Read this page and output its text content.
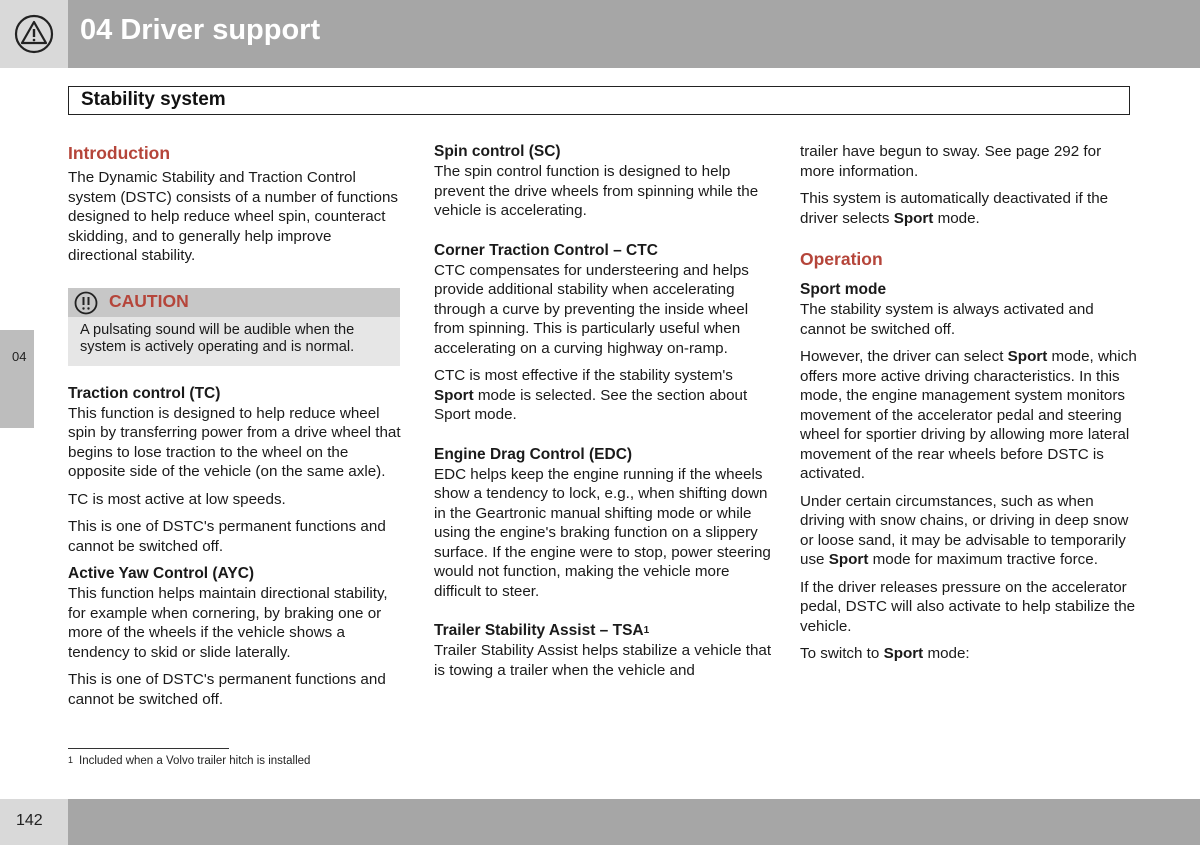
04 Driver support
Stability system
04
Introduction

The Dynamic Stability and Traction Control system (DSTC) consists of a number of functions designed to help reduce wheel spin, counteract skidding, and to generally help improve directional stability.

CAUTION
A pulsating sound will be audible when the system is actively operating and is normal.
Traction control (TC)

This function is designed to help reduce wheel spin by transferring power from a drive wheel that begins to lose traction to the wheel on the opposite side of the vehicle (on the same axle).

TC is most active at low speeds.

This is one of DSTC's permanent functions and cannot be switched off.

Active Yaw Control (AYC)

This function helps maintain directional stability, for example when cornering, by braking one or more of the wheels if the vehicle shows a tendency to skid or slide laterally.

This is one of DSTC's permanent functions and cannot be switched off.

Spin control (SC)

The spin control function is designed to help prevent the drive wheels from spinning while the vehicle is accelerating.

Corner Traction Control – CTC

CTC compensates for understeering and helps provide additional stability when accelerating through a curve by preventing the inside wheel from spinning. This is particularly useful when accelerating on a curving highway on-ramp.

CTC is most effective if the stability system's Sport mode is selected. See the section about Sport mode.

Engine Drag Control (EDC)

EDC helps keep the engine running if the wheels show a tendency to lock, e.g., when shifting down in the Geartronic manual shifting mode or while using the engine's braking function on a slippery surface. If the engine were to stop, power steering would not function, making the vehicle more difficult to steer.

Trailer Stability Assist – TSA$^1$

Trailer Stability Assist helps stabilize a vehicle that is towing a trailer when the vehicle and

trailer have begun to sway. See page 292 for more information.

This system is automatically deactivated if the driver selects Sport mode.

Operation
Sport mode

The stability system is always activated and cannot be switched off.

However, the driver can select Sport mode, which offers more active driving characteristics. In this mode, the engine management system monitors movement of the accelerator pedal and steering wheel for sportier driving by allowing more lateral movement of the rear wheels before DSTC is activated.

Under certain circumstances, such as when driving with snow chains, or driving in deep snow or loose sand, it may be advisable to temporarily use Sport mode for maximum tractive force.

If the driver releases pressure on the accelerator pedal, DSTC will also activate to help stabilize the vehicle.

To switch to Sport mode:

$^1$ Included when a Volvo trailer hitch is installed
142
